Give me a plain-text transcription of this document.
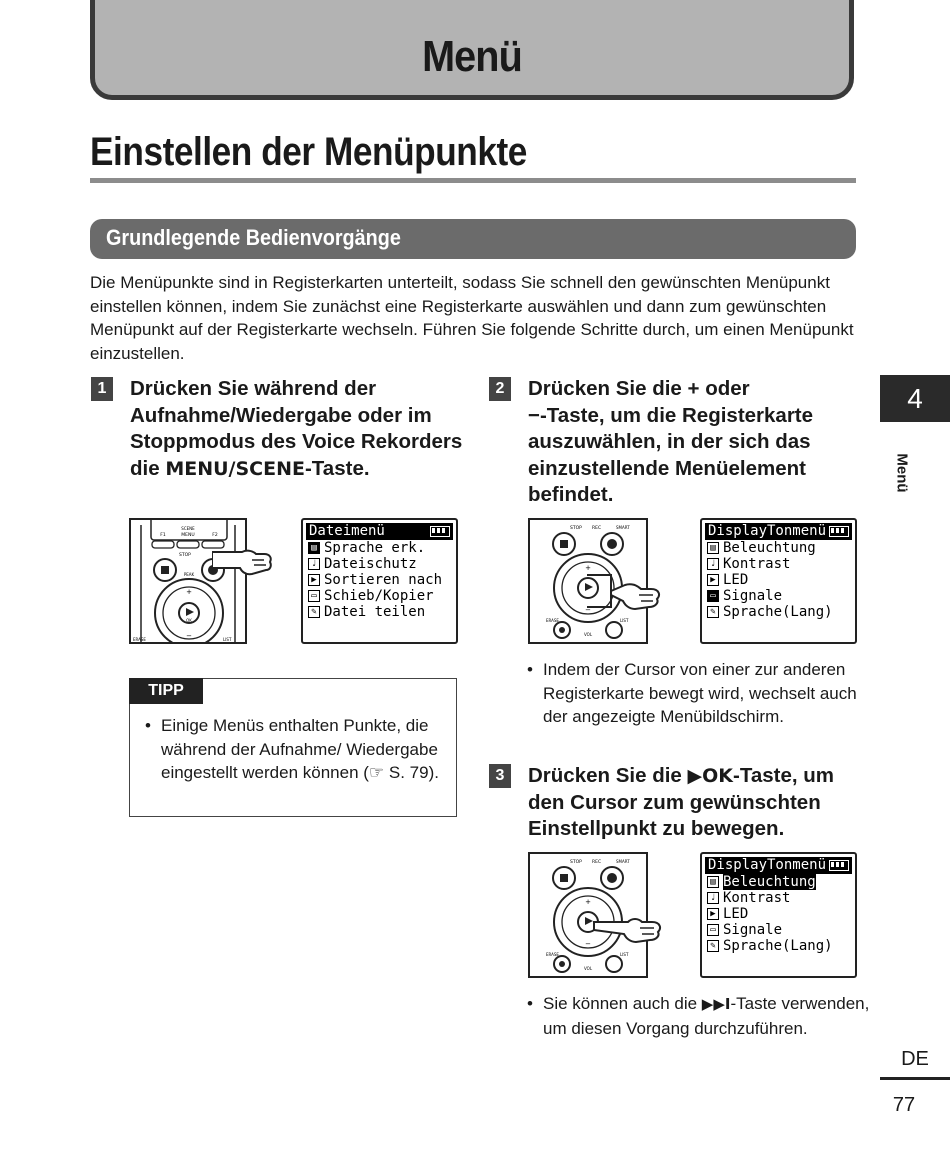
Menü
Einstellen der Menüpunkte
Grundlegende Bedienvorgänge
Die Menüpunkte sind in Registerkarten unterteilt, sodass Sie schnell den gewünschten Menüpunkt einstellen können, indem Sie zunächst eine Registerkarte auswählen und dann zum gewünschten Menüpunkt auf der Registerkarte wechseln. Führen Sie folgende Schritte durch, um einen Menüpunkt einzustellen.
1	Drücken Sie während der Aufnahme/Wiedergabe oder im Stoppmodus des Voice Rekorders die MENU/SCENE-Taste.
SCENE
F1	MENU	F2
STOP
PEAK
OK
+
−
ERASE	LIST
Dateimenü
▤ Sprache erk.
♩ Dateischutz
▶ Sortieren nach
▭ Schieb/Kopier
✎ Datei teilen
TIPP
• Einige Menüs enthalten Punkte, die während der Aufnahme/ Wiedergabe eingestellt werden können (☞ S. 79).
2	Drücken Sie die + oder
−-Taste, um die Registerkarte auszuwählen, in der sich das einzustellende Menüelement befindet.
STOP REC	SMART
+
−
ERASE
VOL
LIST
DisplayTonmenü
▤ Beleuchtung
♩ Kontrast
▶ LED
▭ Signale
✎ Sprache(Lang)
• Indem der Cursor von einer zur anderen Registerkarte bewegt wird, wechselt auch der angezeigte Menübildschirm.
3	Drücken Sie die ▶OK-Taste, um den Cursor zum gewünschten Einstellpunkt zu bewegen.
STOP REC	SMART
+
−
ERASE
VOL
LIST
DisplayTonmenü
▤ Beleuchtung
♩ Kontrast
▶ LED
▭ Signale
✎ Sprache(Lang)
• Sie können auch die ▶▶I-Taste verwenden, um diesen Vorgang durchzuführen.
4
Menü
DE
77
